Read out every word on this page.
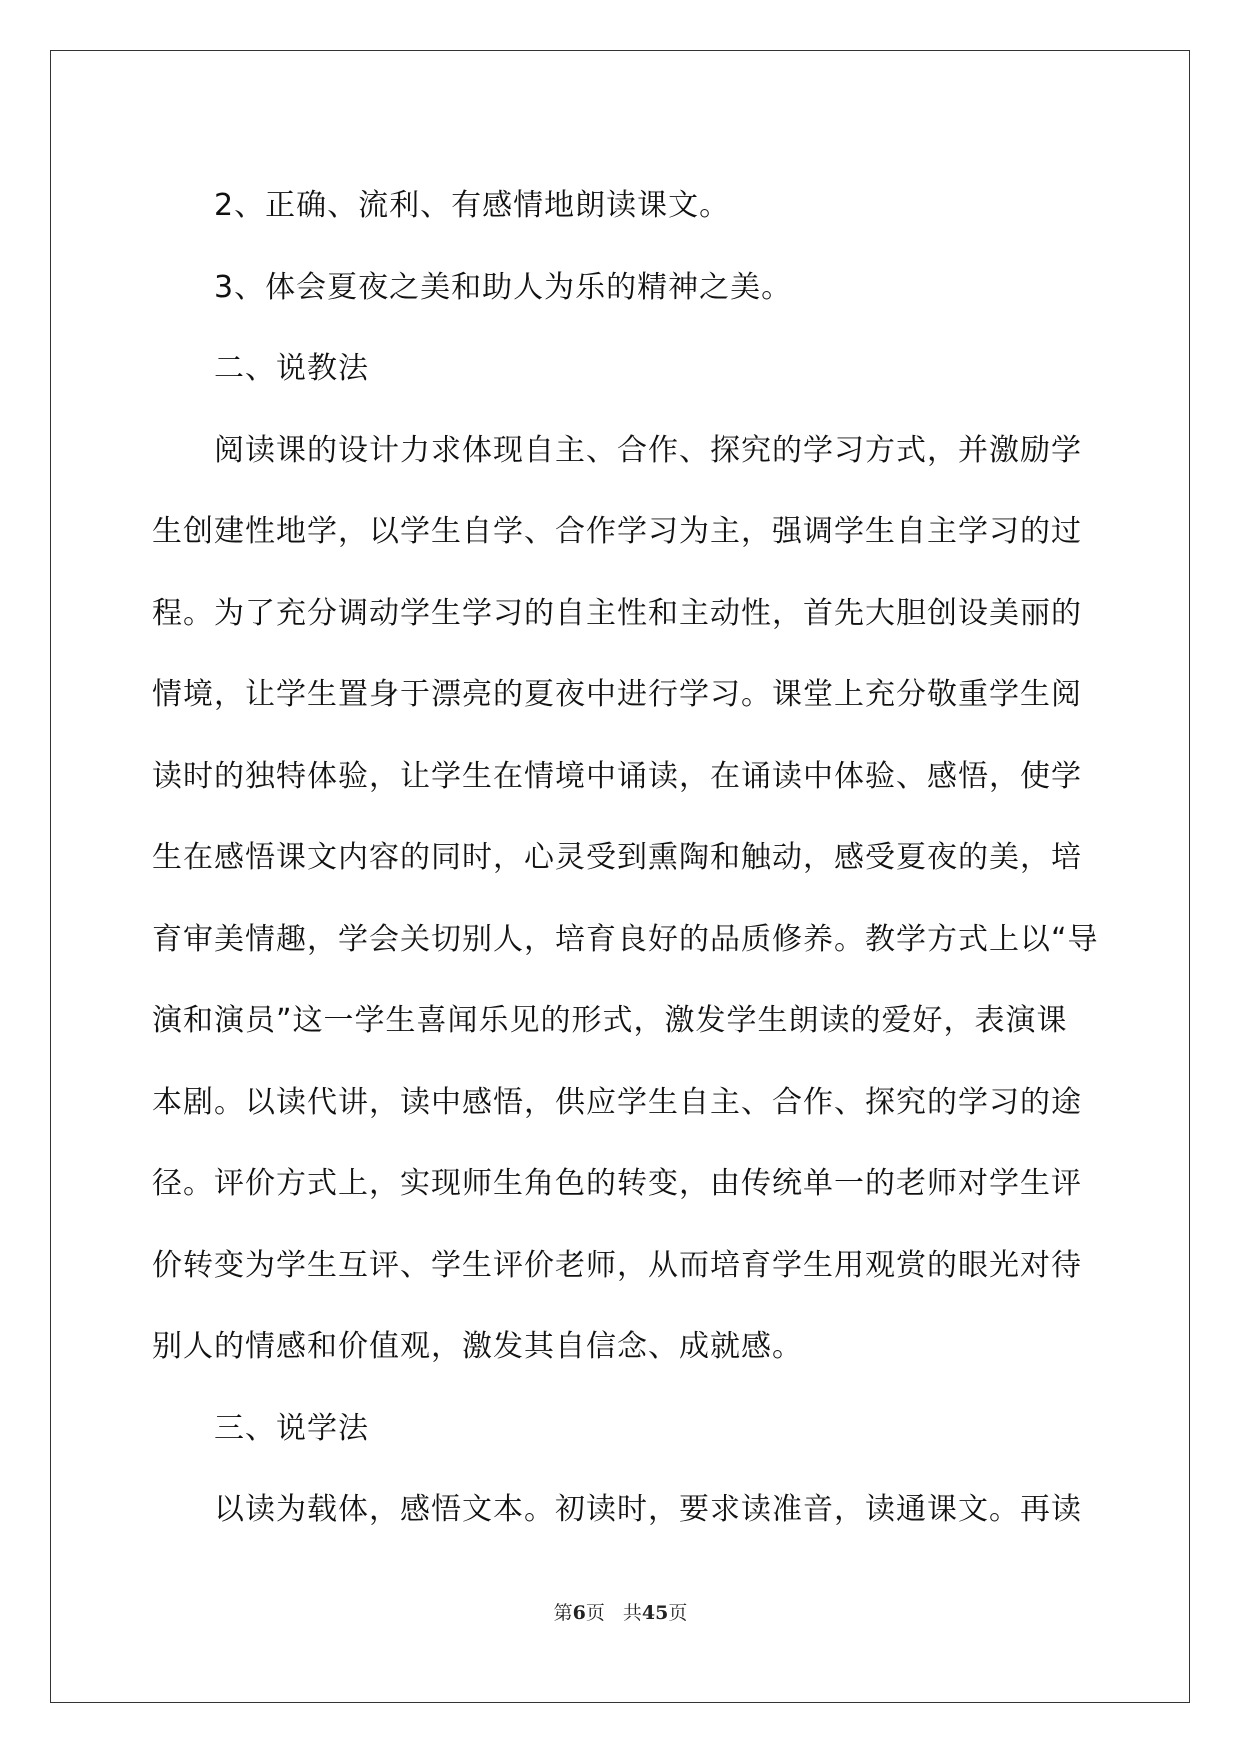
2、正确、流利、有感情地朗读课文。
3、体会夏夜之美和助人为乐的精神之美。
二、说教法
阅读课的设计力求体现自主、合作、探究的学习方式，并激励学
生创建性地学，以学生自学、合作学习为主，强调学生自主学习的过
程。为了充分调动学生学习的自主性和主动性，首先大胆创设美丽的
情境，让学生置身于漂亮的夏夜中进行学习。课堂上充分敬重学生阅
读时的独特体验，让学生在情境中诵读，在诵读中体验、感悟，使学
生在感悟课文内容的同时，心灵受到熏陶和触动，感受夏夜的美，培
育审美情趣，学会关切别人，培育良好的品质修养。教学方式上以“导
演和演员”这一学生喜闻乐见的形式，激发学生朗读的爱好，表演课
本剧。以读代讲，读中感悟，供应学生自主、合作、探究的学习的途
径。评价方式上，实现师生角色的转变，由传统单一的老师对学生评
价转变为学生互评、学生评价老师，从而培育学生用观赏的眼光对待
别人的情感和价值观，激发其自信念、成就感。
三、说学法
以读为载体，感悟文本。初读时，要求读准音，读通课文。再读
第6页 共45页
